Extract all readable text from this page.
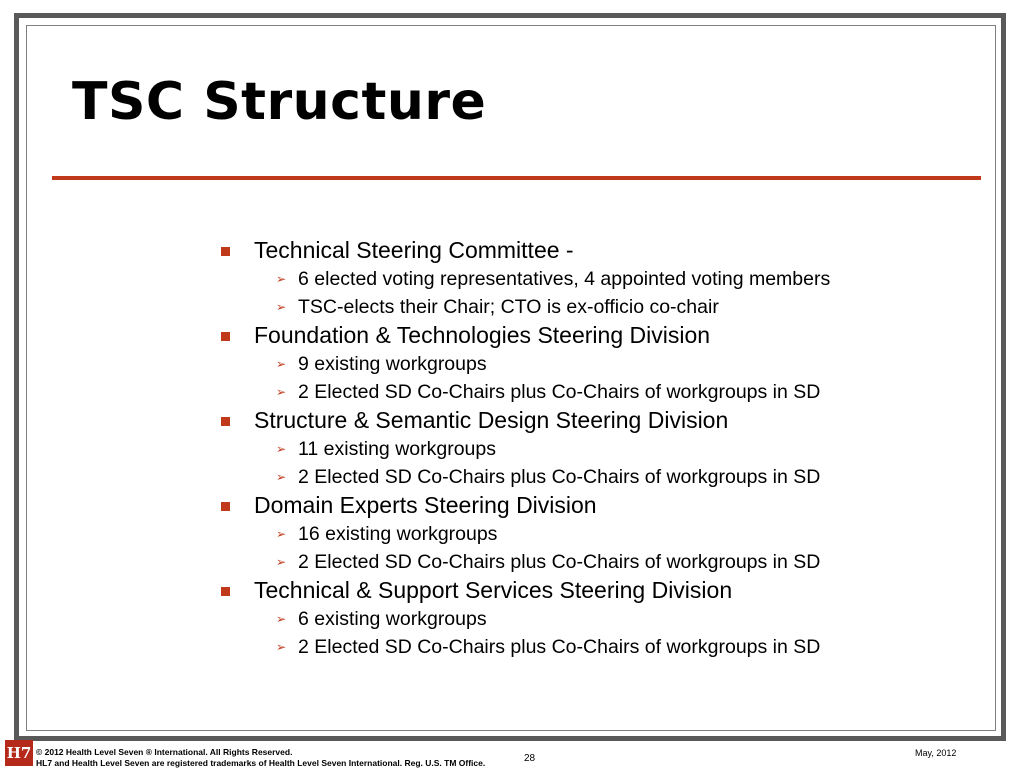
TSC Structure
Technical Steering Committee -
➢ 6 elected voting representatives, 4 appointed voting members
➢ TSC-elects their Chair; CTO is ex-officio co-chair
Foundation & Technologies Steering Division
➢ 9 existing workgroups
➢ 2 Elected SD Co-Chairs plus Co-Chairs of workgroups in SD
Structure & Semantic Design Steering Division
➢ 11 existing workgroups
➢ 2 Elected SD Co-Chairs plus Co-Chairs of workgroups in SD
Domain Experts Steering Division
➢ 16 existing workgroups
➢ 2 Elected SD Co-Chairs plus Co-Chairs of workgroups in SD
Technical & Support Services Steering Division
➢ 6 existing workgroups
➢ 2 Elected SD Co-Chairs plus Co-Chairs of workgroups in SD
H7 © 2012 Health Level Seven ® International. All Rights Reserved.
HL7 and Health Level Seven are registered trademarks of Health Level Seven International. Reg. U.S. TM Office.	28	May, 2012
